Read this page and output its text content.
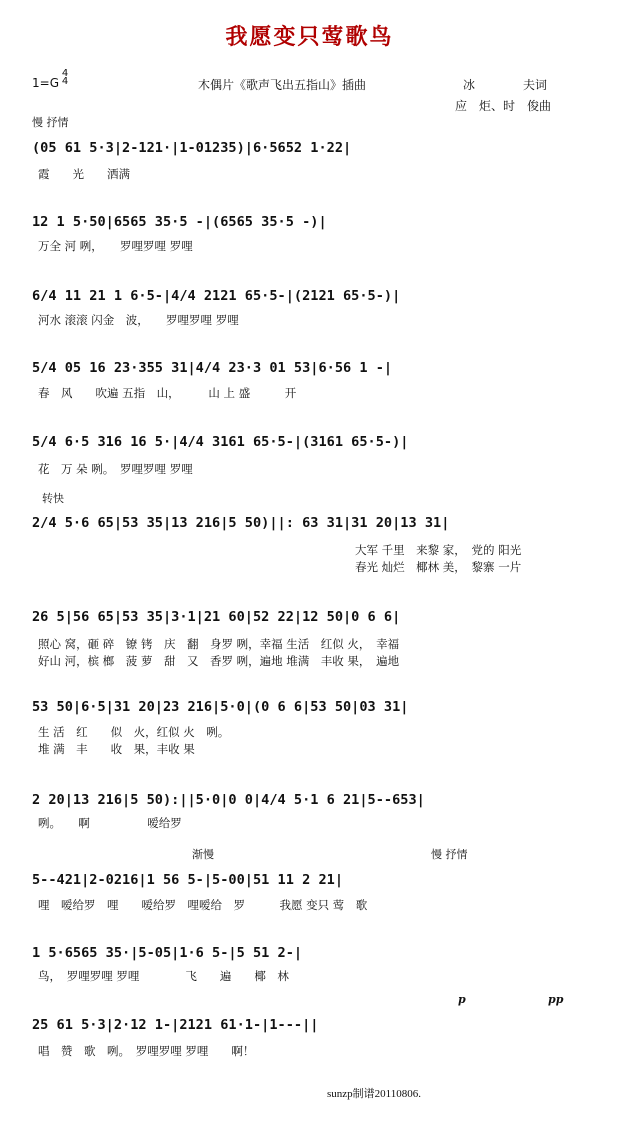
我愿变只莺歌鸟
1=G
4
4	木偶片《歌声飞出五指山》插曲	冰　　　　夫词
应　炬、时　俊曲
慢 抒情
转快
渐慢	慢 抒情
(05 61 5·3|2-121·|1-01235)|6·5652 1·22|
霞　　光　　洒满
12 1 5·50|6565 35·5 -|(6565 35·5 -)|
万全 河 咧，　　罗哩罗哩 罗哩
6/4 11 21 1 6·5-|4/4 2121 65·5-|(2121 65·5-)|
河水 滚滚 闪金　波，　　罗哩罗哩 罗哩
5/4 05 16 23·355 31|4/4 23·3 01 53|6·56 1 -|
春　风　　吹遍 五指　山，　　　山 上 盛　　　开
5/4 6·5 316 16 5·|4/4 3161 65·5-|(3161 65·5-)|
花　万 朵 咧。　罗哩罗哩 罗哩
2/4 5·6 65|53 35|13 216|5 50)||: 63 31|31 20|13 31|
大军 千里　来黎 家，　党的 阳光
春光 灿烂　椰林 美，　黎寨 一片
26 5|56 65|53 35|3·1|21 60|52 22|12 50|0 6 6|
照心 窝，砸 碎　镣 铐　庆　翻　身罗 咧，幸福 生活　红似 火，　幸福
好山 河，槟 榔　菠 萝　甜　又　香罗 咧，遍地 堆满　丰收 果，　遍地
53 50|6·5|31 20|23 216|5·0|(0 6 6|53 50|03 31|
生 活　红　　似　火，红似 火　咧。
堆 满　丰　　收　果，丰收 果
2 20|13 216|5 50):||5·0|0 0|4/4 5·1 6 21|5--653|
咧。　　啊　　　　　嗳给罗
5--421|2-0216|1 56 5-|5-00|51 11 2 21|
哩　嗳给罗　哩　　嗳给罗　哩嗳给　罗　　　我愿 变只 莺　歌
1 5·6565 35·|5-05|1·6 5-|5 51 2-|
鸟，　罗哩罗哩 罗哩　　　　飞　　遍　　椰　林
25 61 5·3|2·12 1-|2121 61·1-|1---||
唱　赞　歌　咧。　罗哩罗哩 罗哩　　啊！
p	pp
sunzp制谱20110806.
